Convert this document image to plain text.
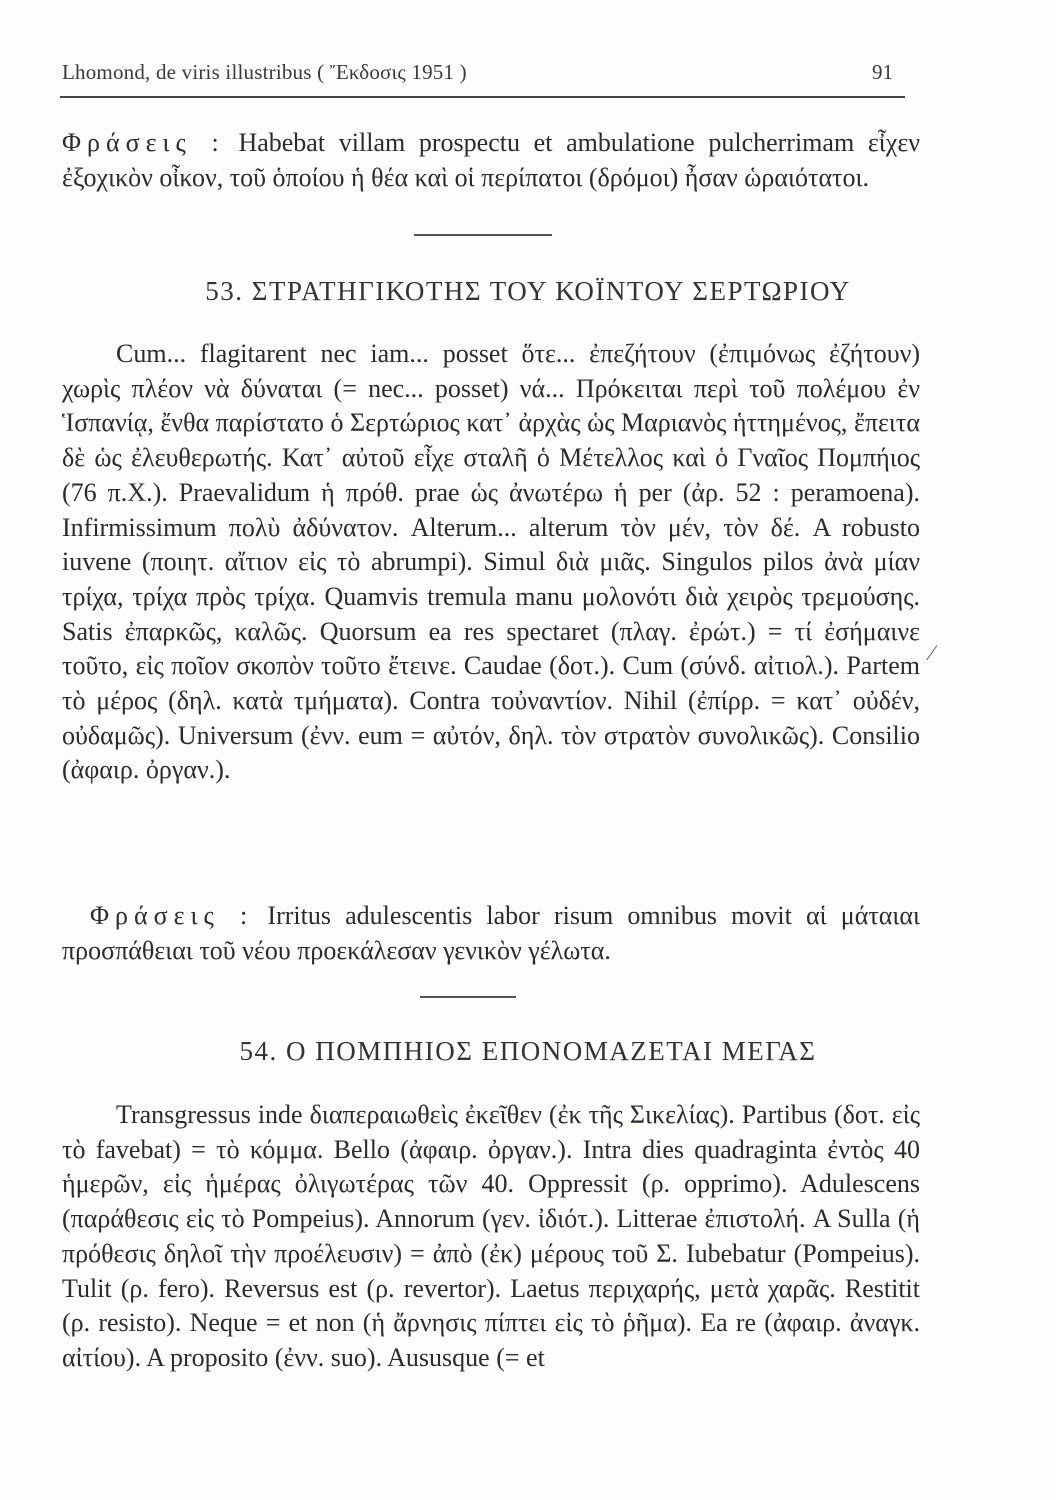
Lhomond, de viris illustribus ( Ἔκδοσις 1951 )	91
Φράσεις : Habebat villam prospectu et ambulatione pulcherrimam εἶχεν ἐξοχικὸν οἶκον, τοῦ ὁποίου ἡ θέα καὶ οἱ περίπατοι (δρόμοι) ἦσαν ὡραιότατοι.
53. ΣΤΡΑΤΗΓΙΚΟΤΗΣ ΤΟΥ ΚΟΪΝΤΟΥ ΣΕΡΤΩΡΙΟΥ
Cum... flagitarent nec iam... posset ὅτε... ἐπεζήτουν (ἐπιμόνως ἐζήτουν) χωρὶς πλέον νὰ δύναται (= nec... posset) νά... Πρόκειται περὶ τοῦ πολέμου ἐν Ἱσπανίᾳ, ἔνθα παρίστατο ὁ Σερτώριος κατ᾽ ἀρχὰς ὡς Μαριανὸς ἡττημένος, ἔπειτα δὲ ὡς ἐλευθερωτής. Κατ᾽ αὐτοῦ εἶχε σταλῆ ὁ Μέτελλος καὶ ὁ Γναῖος Πομπήιος (76 π.Χ.). Praevalidum ἡ πρόθ. prae ὡς ἀνωτέρω ἡ per (ἀρ. 52 : peramoena). Infirmissimum πολὺ ἀδύνατον. Alterum... alterum τὸν μέν, τὸν δέ. A robusto iuvene (ποιητ. αἴτιον εἰς τὸ abrumpi). Simul διὰ μιᾶς. Singulos pilos ἀνὰ μίαν τρίχα, τρίχα πρὸς τρίχα. Quamvis tremula manu μολονότι διὰ χειρὸς τρεμούσης. Satis ἐπαρκῶς, καλῶς. Quorsum ea res spectaret (πλαγ. ἐρώτ.) = τί ἐσήμαινε τοῦτο, εἰς ποῖον σκοπὸν τοῦτο ἔτεινε. Caudae (δοτ.). Cum (σύνδ. αἰτιολ.). Partem τὸ μέρος (δηλ. κατὰ τμήματα). Contra τοὐναντίον. Nihil (ἐπίρρ. = κατ᾽ οὐδέν, οὐδαμῶς). Universum (ἐνν. eum = αὐτόν, δηλ. τὸν στρατὸν συνολικῶς). Consilio (ἀφαιρ. ὀργαν.).
⁄
Φράσεις : Irritus adulescentis labor risum omnibus movit αἱ μάταιαι προσπάθειαι τοῦ νέου προεκάλεσαν γενικὸν γέλωτα.
54. Ο ΠΟΜΠΗΙΟΣ ΕΠΟΝΟΜΑΖΕΤΑΙ ΜΕΓΑΣ
Transgressus inde διαπεραιωθεὶς ἐκεῖθεν (ἐκ τῆς Σικελίας). Partibus (δοτ. εἰς τὸ favebat) = τὸ κόμμα. Bello (ἀφαιρ. ὀργαν.). Intra dies quadraginta ἐντὸς 40 ἡμερῶν, εἰς ἡμέρας ὀλιγωτέρας τῶν 40. Oppressit (ρ. opprimo). Adulescens (παράθεσις εἰς τὸ Pompeius). Annorum (γεν. ἰδιότ.). Litterae ἐπιστολή. A Sulla (ἡ πρόθεσις δηλοῖ τὴν προέλευσιν) = ἀπὸ (ἐκ) μέρους τοῦ Σ. Iubebatur (Pompeius). Tulit (ρ. fero). Reversus est (ρ. revertor). Laetus περιχαρής, μετὰ χαρᾶς. Restitit (ρ. resisto). Neque = et non (ἡ ἄρνησις πίπτει εἰς τὸ ῥῆμα). Ea re (ἀφαιρ. ἀναγκ. αἰτίου). A proposito (ἐνν. suo). Aususque (= et
